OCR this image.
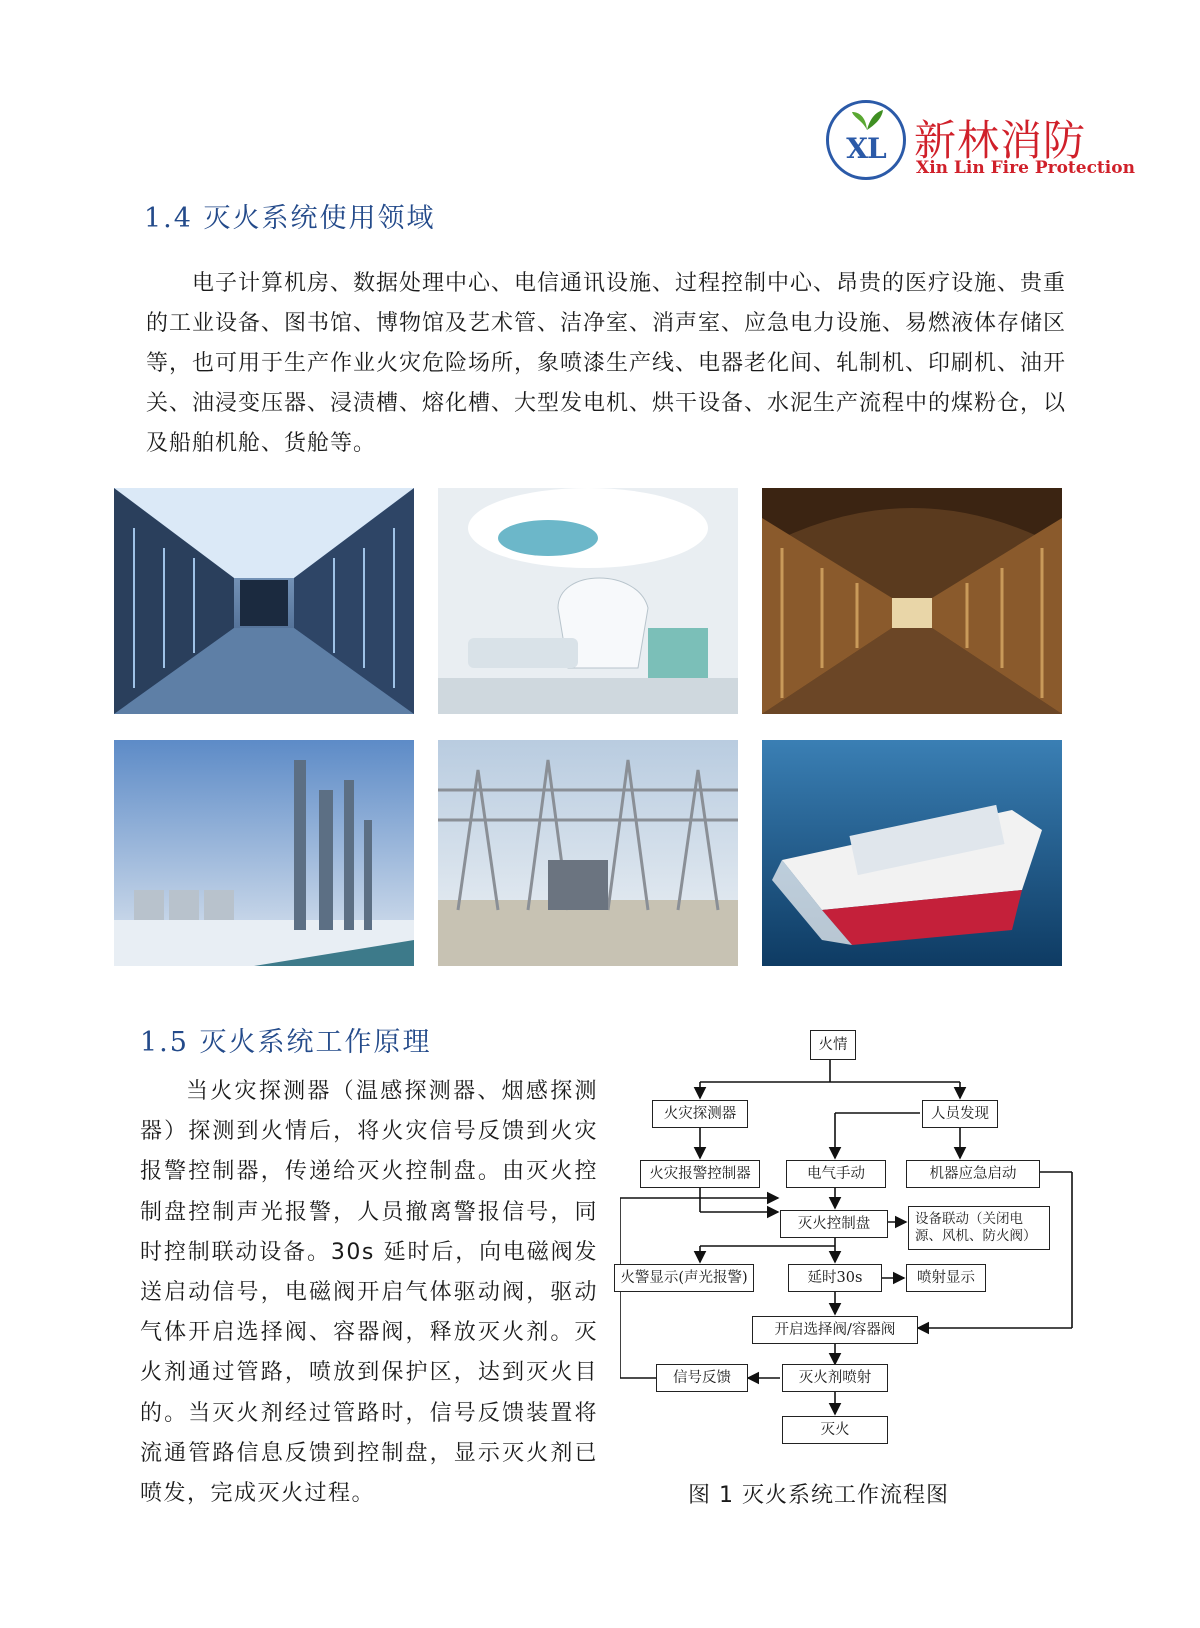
XL 新林消防
Xin Lin Fire Protection
1.4 灭火系统使用领域
电子计算机房、数据处理中心、电信通讯设施、过程控制中心、昂贵的医疗设施、贵重的工业设备、图书馆、博物馆及艺术管、洁净室、消声室、应急电力设施、易燃液体存储区等，也可用于生产作业火灾危险场所，象喷漆生产线、电器老化间、轧制机、印刷机、油开关、油浸变压器、浸渍槽、熔化槽、大型发电机、烘干设备、水泥生产流程中的煤粉仓，以及船舶机舱、货舱等。
1.5 灭火系统工作原理
当火灾探测器（温感探测器、烟感探测器）探测到火情后，将火灾信号反馈到火灾报警控制器，传递给灭火控制盘。由灭火控制盘控制声光报警，人员撤离警报信号，同时控制联动设备。30s 延时后，向电磁阀发送启动信号，电磁阀开启气体驱动阀，驱动气体开启选择阀、容器阀，释放灭火剂。灭火剂通过管路，喷放到保护区，达到灭火目的。当灭火剂经过管路时，信号反馈装置将流通管路信息反馈到控制盘，显示灭火剂已喷发，完成灭火过程。
火情
火灾探测器	人员发现
火灾报警控制器	电气手动	机器应急启动
灭火控制盘	设备联动（关闭电源、风机、防火阀）
火警显示(声光报警)	延时30s	喷射显示
开启选择阀/容器阀
信号反馈	灭火剂喷射
灭火
图 1 灭火系统工作流程图
